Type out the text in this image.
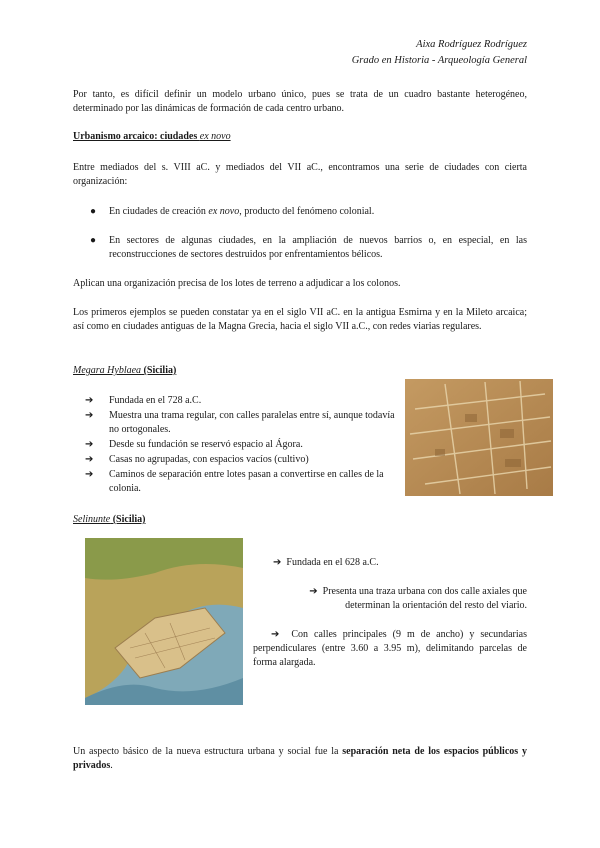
Aixa Rodríguez Rodríguez
Grado en Historia - Arqueología General
Por tanto, es difícil definir un modelo urbano único, pues se trata de un cuadro bastante heterogéneo, determinado por las dinámicas de formación de cada centro urbano.
Urbanismo arcaico: ciudades ex novo
Entre mediados del s. VIII aC. y mediados del VII aC., encontramos una serie de ciudades con cierta organización:
● En ciudades de creación ex novo, producto del fenómeno colonial.
● En sectores de algunas ciudades, en la ampliación de nuevos barrios o, en especial, en las reconstrucciones de sectores destruidos por enfrentamientos bélicos.
Aplican una organización precisa de los lotes de terreno a adjudicar a los colonos.
Los primeros ejemplos se pueden constatar ya en el siglo VII aC. en la antigua Esmirna y en la Mileto arcaica; así como en ciudades antiguas de la Magna Grecia, hacia el siglo VII a.C., con redes viarias regulares.
Megara Hyblaea (Sicilia)
➔ Fundada en el 728 a.C.
➔ Muestra una trama regular, con calles paralelas entre sí, aunque todavía no ortogonales.
➔ Desde su fundación se reservó espacio al Ágora.
➔ Casas no agrupadas, con espacios vacíos (cultivo)
➔ Caminos de separación entre lotes pasan a convertirse en calles de la colonia.
Selinunte (Sicilia)
➔ Fundada en el 628 a.C.
➔ Presenta una traza urbana con dos calle axiales que determinan la orientación del resto del viario.
➔ Con calles principales (9 m de ancho) y secundarias perpendiculares (entre 3.60 a 3.95 m), delimitando parcelas de forma alargada.
Un aspecto básico de la nueva estructura urbana y social fue la separación neta de los espacios públicos y privados.
